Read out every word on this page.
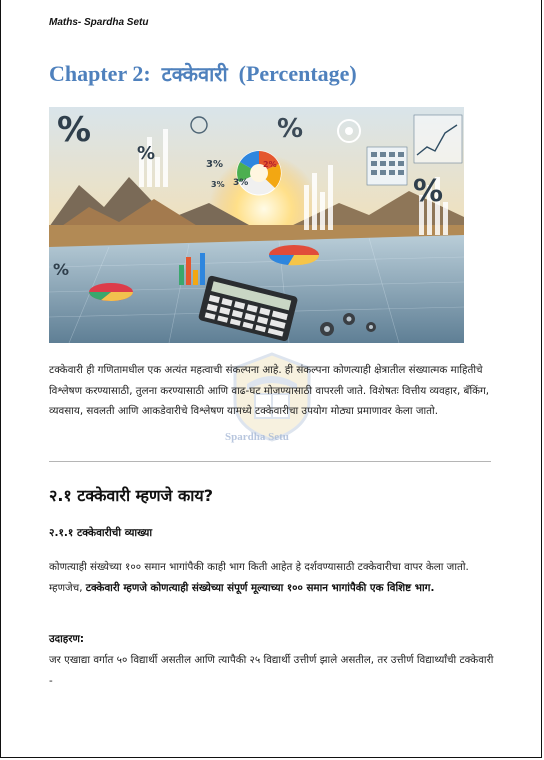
Maths- Spardha Setu
Chapter 2: टक्केवारी (Percentage)
%
%
%
3%
3%
2%
3%	%
%
Spardha Setu

टक्केवारी ही गणितामधील एक अत्यंत महत्वाची संकल्पना आहे. ही संकल्पना कोणत्याही क्षेत्रातील संख्यात्मक माहितीचे विश्लेषण करण्यासाठी, तुलना करण्यासाठी आणि वाढ-घट मोजण्यासाठी वापरली जाते. विशेषतः वित्तीय व्यवहार, बँकिंग, व्यवसाय, सवलती आणि आकडेवारीचे विश्लेषण यामध्ये टक्केवारीचा उपयोग मोठ्या प्रमाणावर केला जातो.

२.१ टक्केवारी म्हणजे काय?
२.१.१ टक्केवारीची व्याख्या

कोणत्याही संख्येच्या १०० समान भागांपैकी काही भाग किती आहेत हे दर्शवण्यासाठी टक्केवारीचा वापर केला जातो. म्हणजेच, टक्केवारी म्हणजे कोणत्याही संख्येच्या संपूर्ण मूल्याच्या १०० समान भागांपैकी एक विशिष्ट भाग.

उदाहरण:

जर एखाद्या वर्गात ५० विद्यार्थी असतील आणि त्यापैकी २५ विद्यार्थी उत्तीर्ण झाले असतील, तर उत्तीर्ण विद्यार्थ्यांची टक्केवारी -
